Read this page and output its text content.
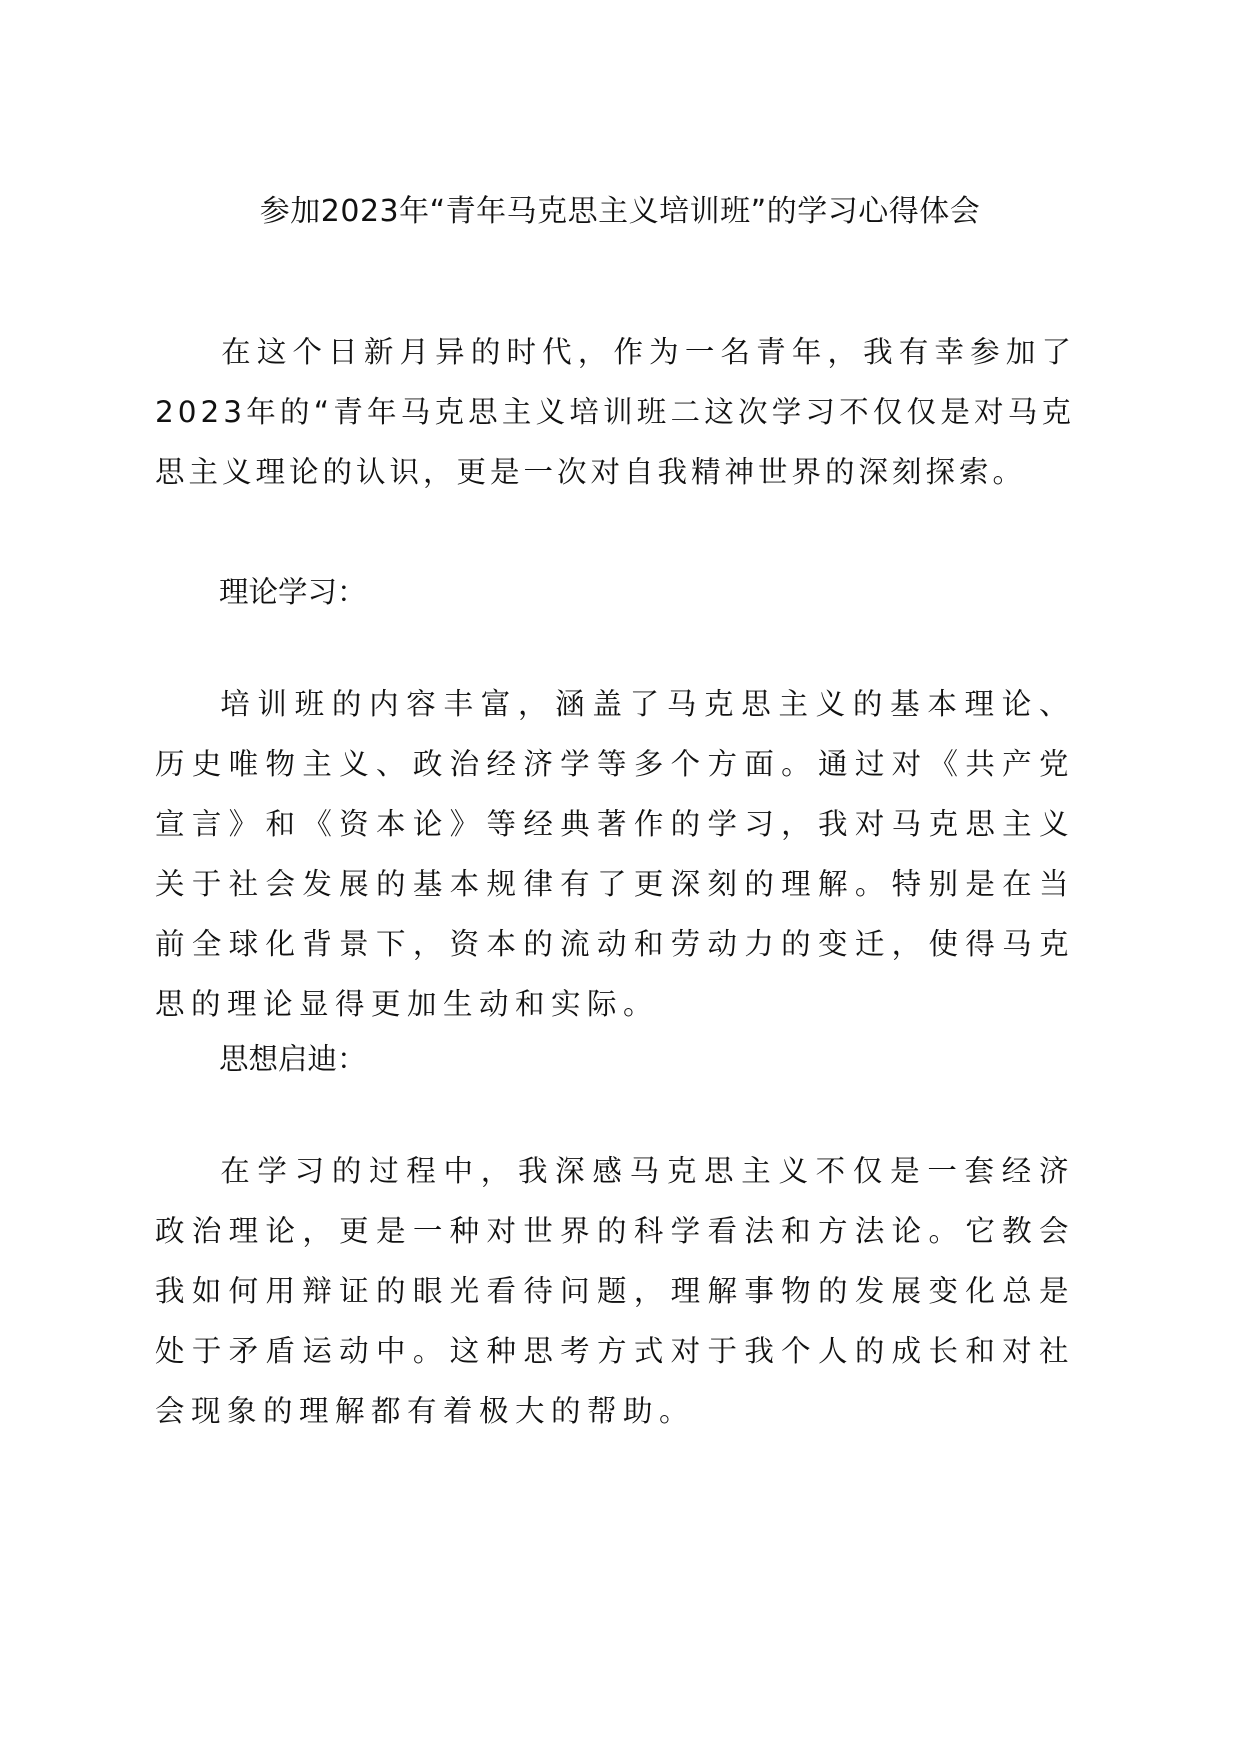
参加2023年“青年马克思主义培训班”的学习心得体会

在这个日新月异的时代，作为一名青年，我有幸参加了 2023年的“青年马克思主义培训班二这次学习不仅仅是对马克思主义理论的认识，更是一次对自我精神世界的深刻探索。

理论学习：

培训班的内容丰富，涵盖了马克思主义的基本理论、历史唯物主义、政治经济学等多个方面。通过对《共产党宣言》和《资本论》等经典著作的学习，我对马克思主义关于社会发展的基本规律有了更深刻的理解。特别是在当前全球化背景下，资本的流动和劳动力的变迁，使得马克思的理论显得更加生动和实际。

思想启迪：

在学习的过程中，我深感马克思主义不仅是一套经济政治理论，更是一种对世界的科学看法和方法论。它教会我如何用辩证的眼光看待问题，理解事物的发展变化总是处于矛盾运动中。这种思考方式对于我个人的成长和对社会现象的理解都有着极大的帮助。
